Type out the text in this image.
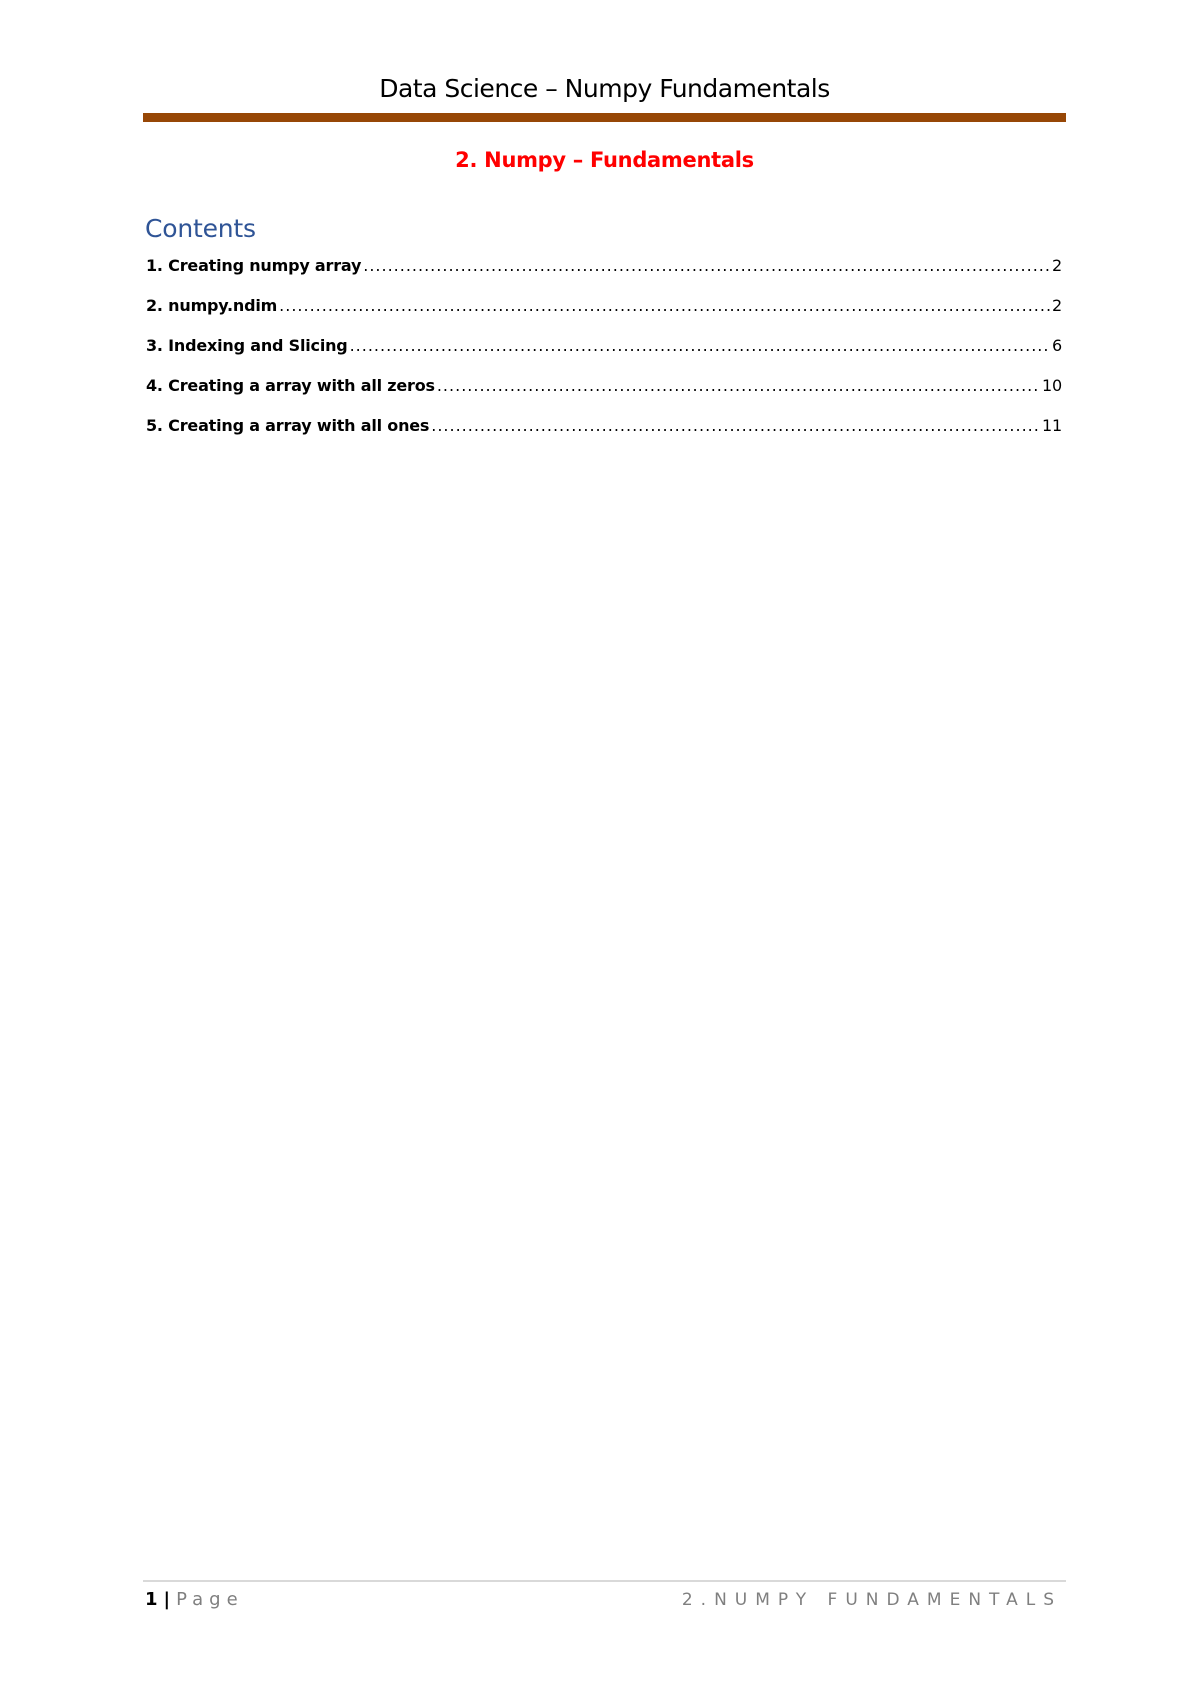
Data Science – Numpy Fundamentals
2. Numpy – Fundamentals
Contents
1. Creating numpy array .....	2
2. numpy.ndim .....	2
3. Indexing and Slicing .....	6
4. Creating a array with all zeros .....	10
5. Creating a array with all ones .....	11
1 | Page	2.NUMPY FUNDAMENTALS
